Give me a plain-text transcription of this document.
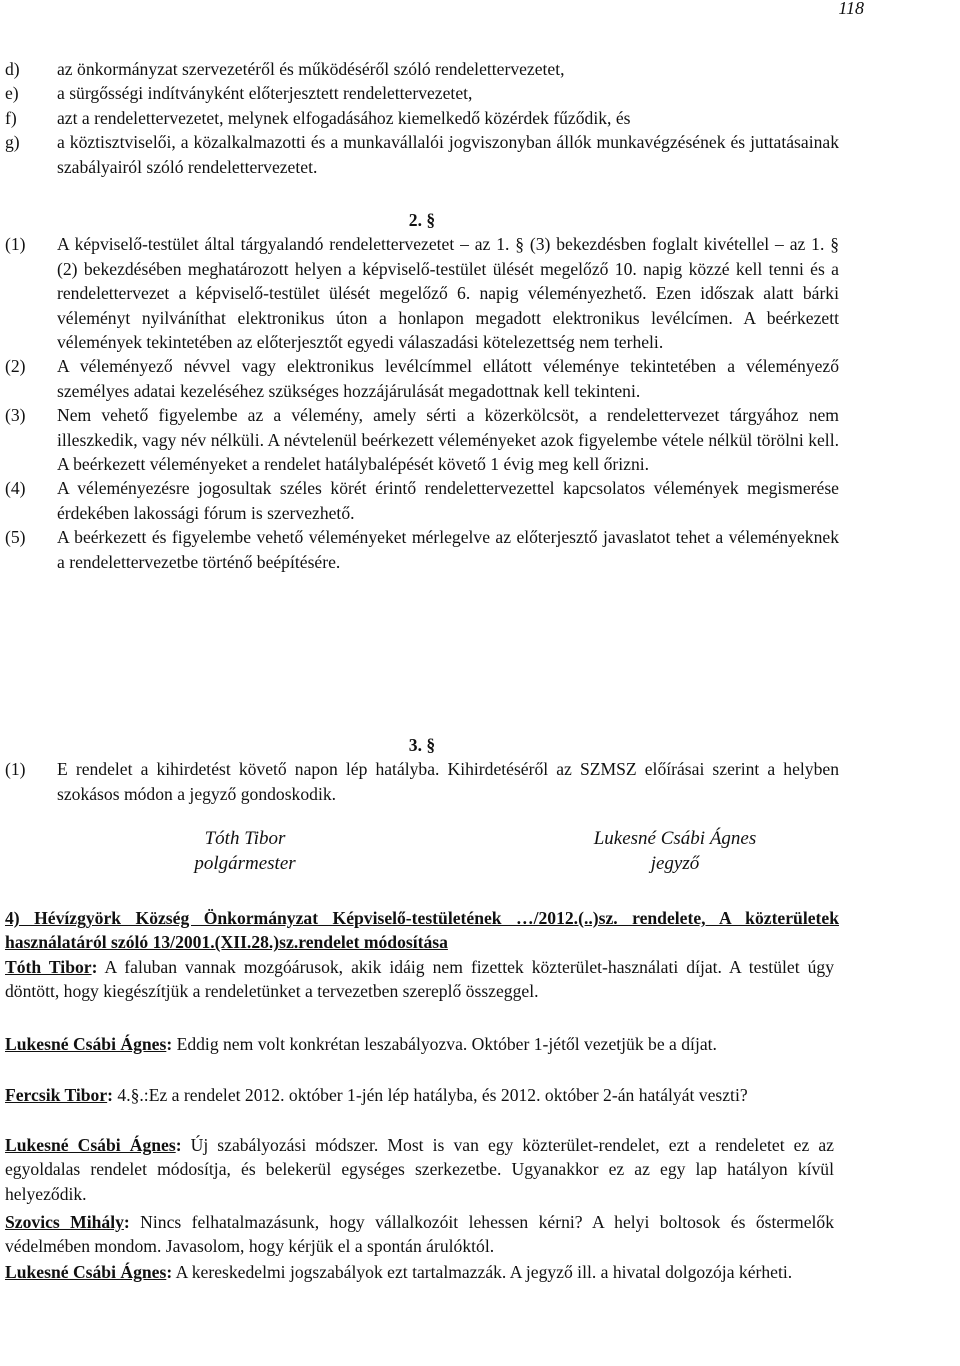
118
d) az önkormányzat szervezetéről és működéséről szóló rendelettervezetet,
e) a sürgősségi indítványként előterjesztett rendelettervezetet,
f) azt a rendelettervezetet, melynek elfogadásához kiemelkedő közérdek fűződik, és
g) a köztisztviselői, a közalkalmazotti és a munkavállalói jogviszonyban állók munkavégzésének és juttatásainak szabályairól szóló rendelettervezetet.
2. §
(1) A képviselő-testület által tárgyalandó rendelettervezetet – az 1. § (3) bekezdésben foglalt kivétellel – az 1. § (2) bekezdésében meghatározott helyen a képviselő-testület ülését megelőző 10. napig közzé kell tenni és a rendelettervezet a képviselő-testület ülését megelőző 6. napig véleményezhető. Ezen időszak alatt bárki véleményt nyilváníthat elektronikus úton a honlapon megadott elektronikus levélcímen. A beérkezett vélemények tekintetében az előterjesztőt egyedi válaszadási kötelezettség nem terheli.
(2) A véleményező névvel vagy elektronikus levélcímmel ellátott véleménye tekintetében a véleményező személyes adatai kezeléséhez szükséges hozzájárulását megadottnak kell tekinteni.
(3) Nem vehető figyelembe az a vélemény, amely sérti a közerkölcsöt, a rendelettervezet tárgyához nem illeszkedik, vagy név nélküli. A névtelenül beérkezett véleményeket azok figyelembe vétele nélkül törölni kell. A beérkezett véleményeket a rendelet hatálybalépését követő 1 évig meg kell őrizni.
(4) A véleményezésre jogosultak széles körét érintő rendelettervezettel kapcsolatos vélemények megismerése érdekében lakossági fórum is szervezhető.
(5) A beérkezett és figyelembe vehető véleményeket mérlegelve az előterjesztő javaslatot tehet a véleményeknek a rendelettervezetbe történő beépítésére.
3. §
(1) E rendelet a kihirdetést követő napon lép hatályba. Kihirdetéséről az SZMSZ előírásai szerint a helyben szokásos módon a jegyző gondoskodik.
Tóth Tibor
polgármester
Lukesné Csábi Ágnes
jegyző
4) Hévízgyörk Község Önkormányzat Képviselő-testületének …/2012.(..)sz. rendelete, A közterületek használatáról szóló 13/2001.(XII.28.)sz.rendelet módosítása
Tóth Tibor: A faluban vannak mozgóárusok, akik idáig nem fizettek közterület-használati díjat. A testület úgy döntött, hogy kiegészítjük a rendeletünket a tervezetben szereplő összeggel.
Lukesné Csábi Ágnes: Eddig nem volt konkrétan leszabályozva. Október 1-jétől vezetjük be a díjat.
Fercsik Tibor: 4.§.:Ez a rendelet 2012. október 1-jén lép hatályba, és 2012. október 2-án hatályát veszti?
Lukesné Csábi Ágnes: Új szabályozási módszer. Most is van egy közterület-rendelet, ezt a rendeletet ez az egyoldalas rendelet módosítja, és belekerül egységes szerkezetbe. Ugyanakkor ez az egy lap hatályon kívül helyeződik.
Szovics Mihály: Nincs felhatalmazásunk, hogy vállalkozóit lehessen kérni? A helyi boltosok és őstermelők védelmében mondom. Javasolom, hogy kérjük el a spontán árulóktól.
Lukesné Csábi Ágnes: A kereskedelmi jogszabályok ezt tartalmazzák. A jegyző ill. a hivatal dolgozója kérheti.
